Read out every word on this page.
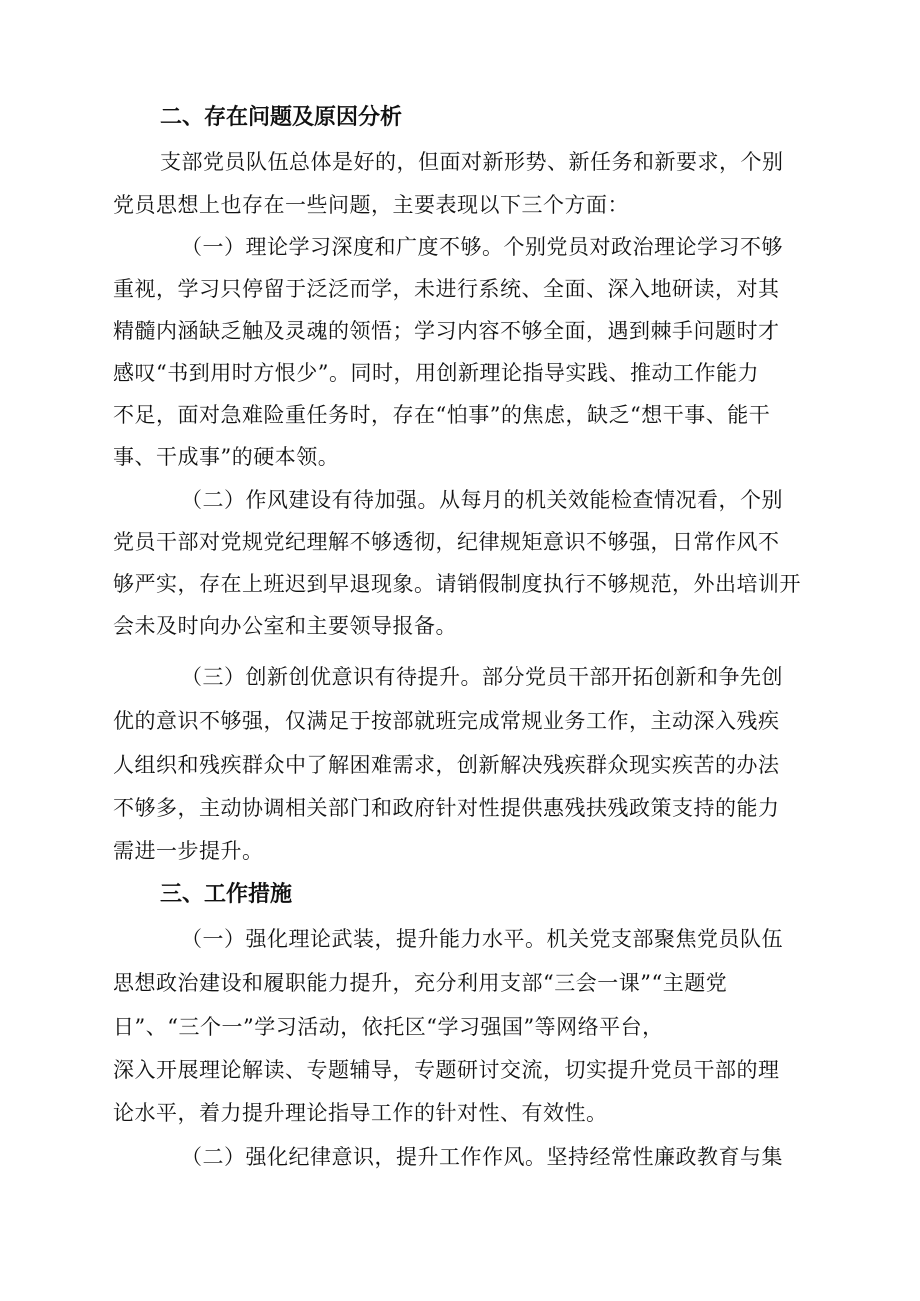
二、存在问题及原因分析
支部党员队伍总体是好的，但面对新形势、新任务和新要求，个别
党员思想上也存在一些问题，主要表现以下三个方面：
（一）理论学习深度和广度不够。个别党员对政治理论学习不够
重视，学习只停留于泛泛而学，未进行系统、全面、深入地研读，对其
精髓内涵缺乏触及灵魂的领悟；学习内容不够全面，遇到棘手问题时才
感叹“书到用时方恨少”。同时，用创新理论指导实践、推动工作能力
不足，面对急难险重任务时，存在“怕事”的焦虑，缺乏“想干事、能干
事、干成事”的硬本领。
（二）作风建设有待加强。从每月的机关效能检查情况看，个别
党员干部对党规党纪理解不够透彻，纪律规矩意识不够强，日常作风不
够严实，存在上班迟到早退现象。请销假制度执行不够规范，外出培训开
会未及时向办公室和主要领导报备。
（三）创新创优意识有待提升。部分党员干部开拓创新和争先创
优的意识不够强，仅满足于按部就班完成常规业务工作，主动深入残疾
人组织和残疾群众中了解困难需求，创新解决残疾群众现实疾苦的办法
不够多，主动协调相关部门和政府针对性提供惠残扶残政策支持的能力
需进一步提升。
三、工作措施
（一）强化理论武装，提升能力水平。机关党支部聚焦党员队伍
思想政治建设和履职能力提升，充分利用支部“三会一课”“主题党
日”、“三个一”学习活动，依托区“学习强国”等网络平台，
深入开展理论解读、专题辅导，专题研讨交流，切实提升党员干部的理
论水平，着力提升理论指导工作的针对性、有效性。
（二）强化纪律意识，提升工作作风。坚持经常性廉政教育与集
